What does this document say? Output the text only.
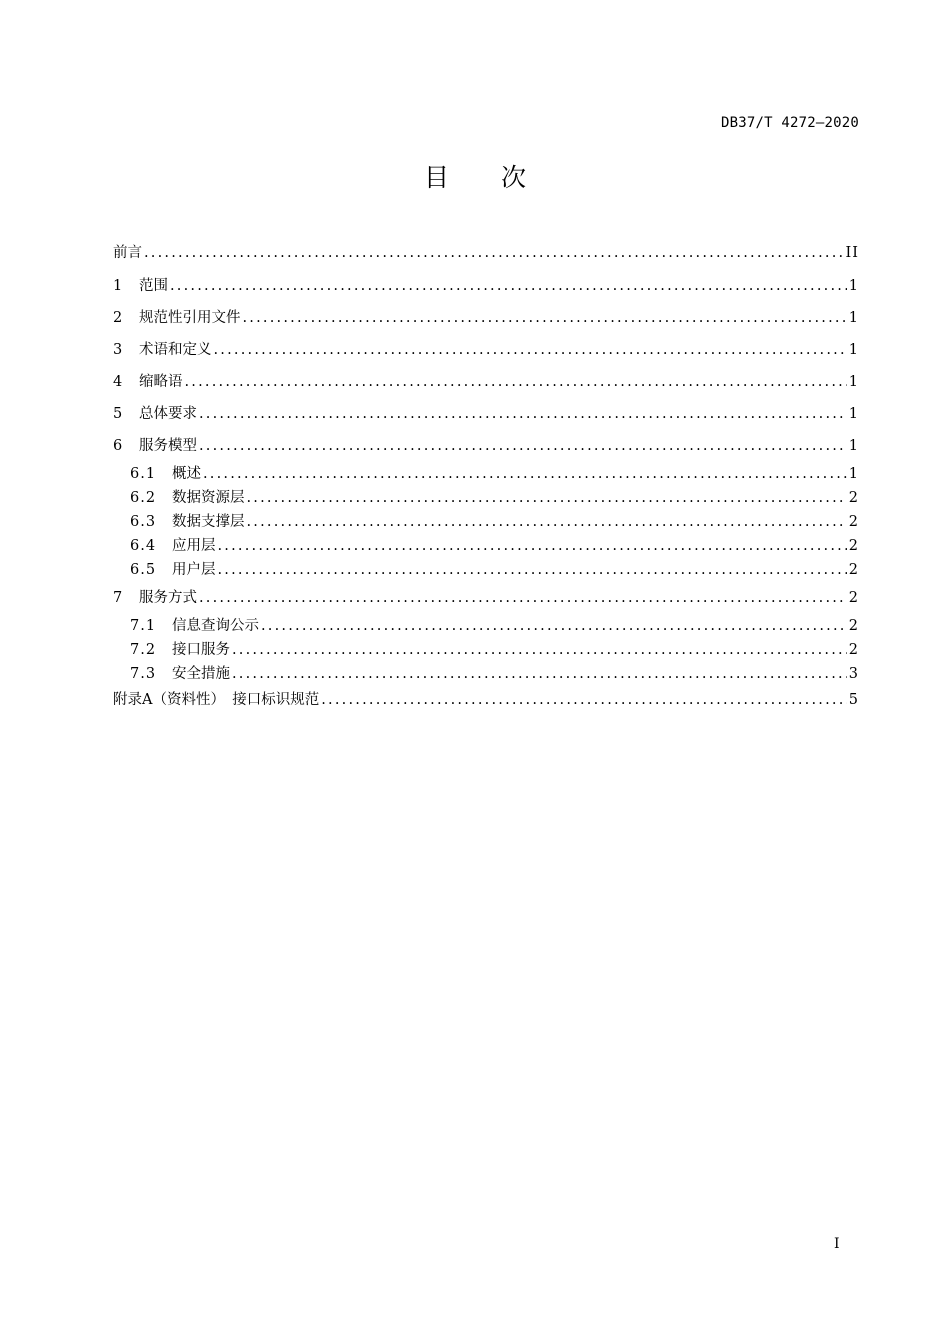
DB37/T 4272—2020
目 次
前言 .....	II
1	范围 .....	1
2	规范性引用文件 .....	1
3	术语和定义 .....	1
4	缩略语 .....	1
5	总体要求 .....	1
6	服务模型 .....	1
6.1	概述 .....	1
6.2	数据资源层 .....	2
6.3	数据支撑层 .....	2
6.4	应用层 .....	2
6.5	用户层 .....	2
7	服务方式 .....	2
7.1	信息查询公示 .....	2
7.2	接口服务 .....	2
7.3	安全措施 .....	3
附录A（资料性）　接口标识规范 .....	5
I
